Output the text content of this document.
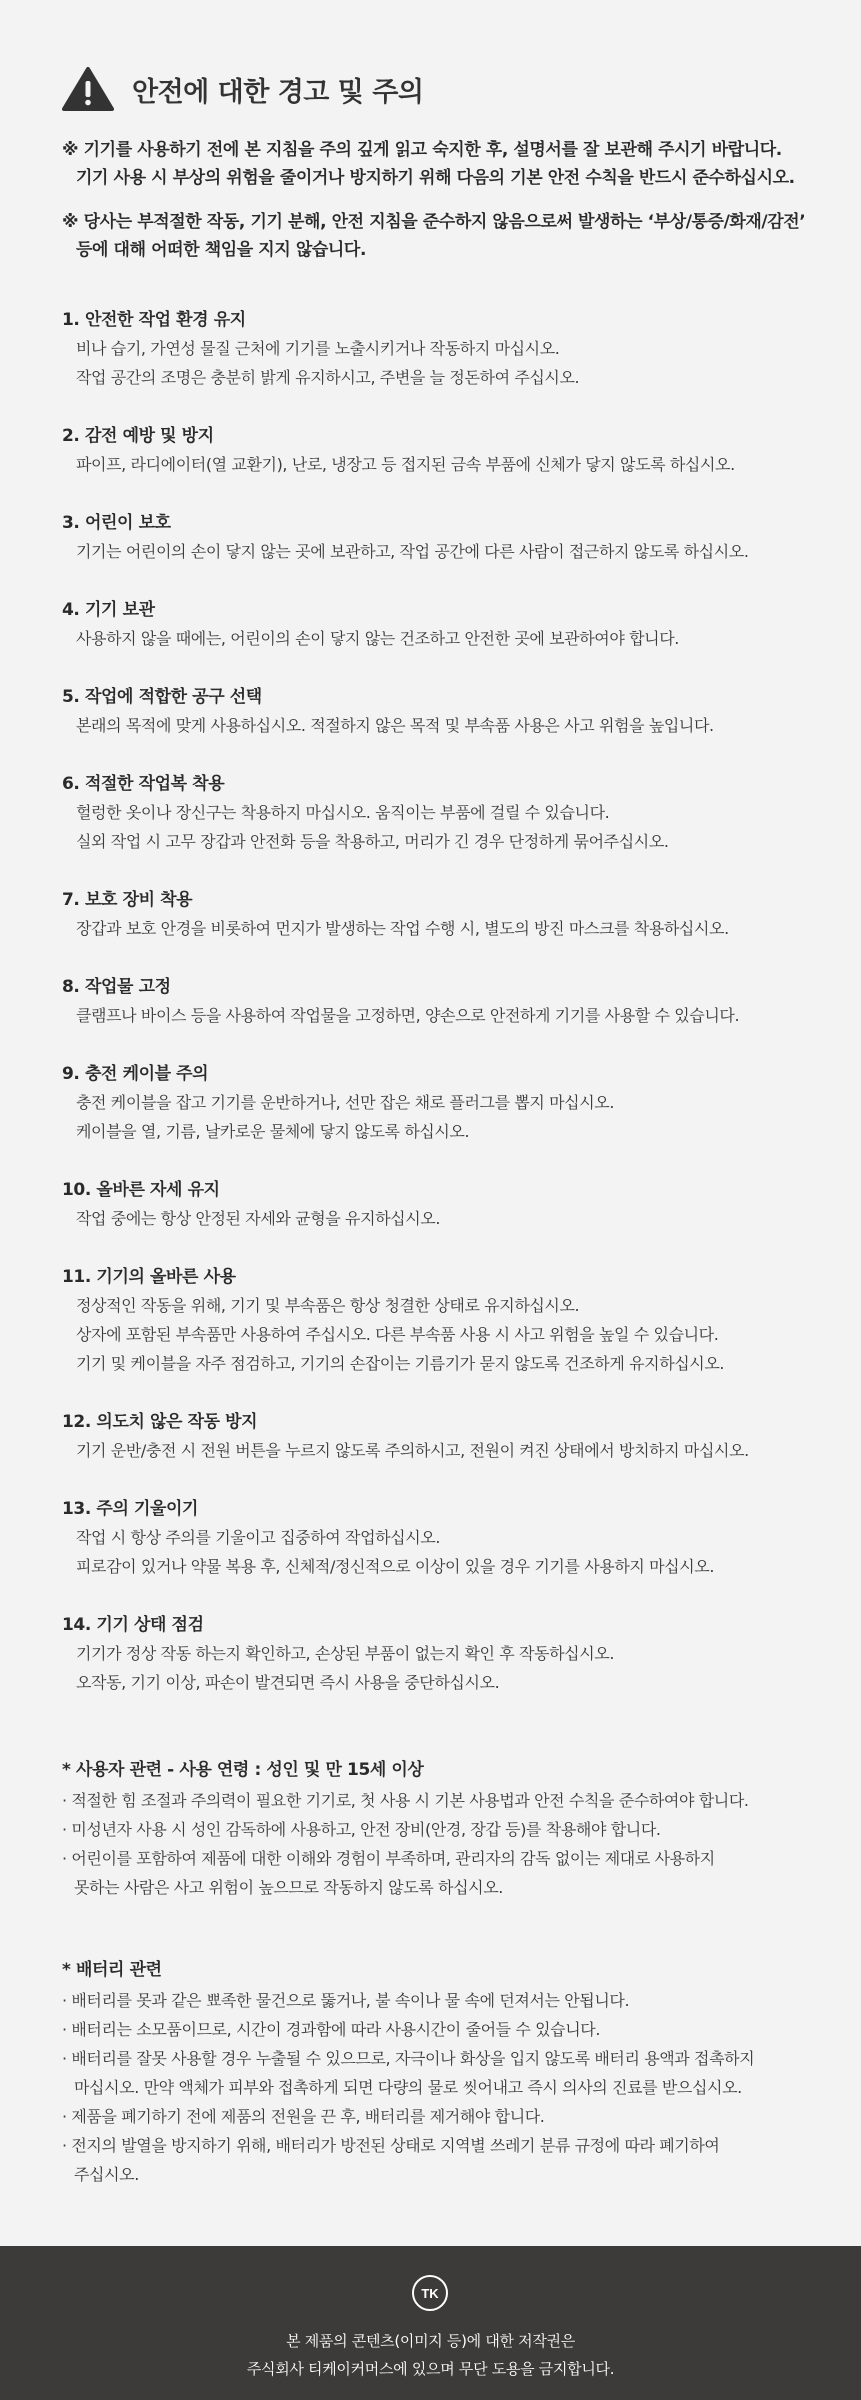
안전에 대한 경고 및 주의
※ 기기를 사용하기 전에 본 지침을 주의 깊게 읽고 숙지한 후, 설명서를 잘 보관해 주시기 바랍니다.
기기 사용 시 부상의 위험을 줄이거나 방지하기 위해 다음의 기본 안전 수칙을 반드시 준수하십시오.
※ 당사는 부적절한 작동, 기기 분해, 안전 지침을 준수하지 않음으로써 발생하는 ‘부상/통증/화재/감전’
등에 대해 어떠한 책임을 지지 않습니다.
1. 안전한 작업 환경 유지
비나 습기, 가연성 물질 근처에 기기를 노출시키거나 작동하지 마십시오.
작업 공간의 조명은 충분히 밝게 유지하시고, 주변을 늘 정돈하여 주십시오.
2. 감전 예방 및 방지
파이프, 라디에이터(열 교환기), 난로, 냉장고 등 접지된 금속 부품에 신체가 닿지 않도록 하십시오.
3. 어린이 보호
기기는 어린이의 손이 닿지 않는 곳에 보관하고, 작업 공간에 다른 사람이 접근하지 않도록 하십시오.
4. 기기 보관
사용하지 않을 때에는, 어린이의 손이 닿지 않는 건조하고 안전한 곳에 보관하여야 합니다.
5. 작업에 적합한 공구 선택
본래의 목적에 맞게 사용하십시오. 적절하지 않은 목적 및 부속품 사용은 사고 위험을 높입니다.
6. 적절한 작업복 착용
헐렁한 옷이나 장신구는 착용하지 마십시오. 움직이는 부품에 걸릴 수 있습니다.
실외 작업 시 고무 장갑과 안전화 등을 착용하고, 머리가 긴 경우 단정하게 묶어주십시오.
7. 보호 장비 착용
장갑과 보호 안경을 비롯하여 먼지가 발생하는 작업 수행 시, 별도의 방진 마스크를 착용하십시오.
8. 작업물 고정
클램프나 바이스 등을 사용하여 작업물을 고정하면, 양손으로 안전하게 기기를 사용할 수 있습니다.
9. 충전 케이블 주의
충전 케이블을 잡고 기기를 운반하거나, 선만 잡은 채로 플러그를 뽑지 마십시오.
케이블을 열, 기름, 날카로운 물체에 닿지 않도록 하십시오.
10. 올바른 자세 유지
작업 중에는 항상 안정된 자세와 균형을 유지하십시오.
11. 기기의 올바른 사용
정상적인 작동을 위해, 기기 및 부속품은 항상 청결한 상태로 유지하십시오.
상자에 포함된 부속품만 사용하여 주십시오. 다른 부속품 사용 시 사고 위험을 높일 수 있습니다.
기기 및 케이블을 자주 점검하고, 기기의 손잡이는 기름기가 묻지 않도록 건조하게 유지하십시오.
12. 의도치 않은 작동 방지
기기 운반/충전 시 전원 버튼을 누르지 않도록 주의하시고, 전원이 켜진 상태에서 방치하지 마십시오.
13. 주의 기울이기
작업 시 항상 주의를 기울이고 집중하여 작업하십시오.
피로감이 있거나 약물 복용 후, 신체적/정신적으로 이상이 있을 경우 기기를 사용하지 마십시오.
14. 기기 상태 점검
기기가 정상 작동 하는지 확인하고, 손상된 부품이 없는지 확인 후 작동하십시오.
오작동, 기기 이상, 파손이 발견되면 즉시 사용을 중단하십시오.
* 사용자 관련 - 사용 연령 : 성인 및 만 15세 이상
· 적절한 힘 조절과 주의력이 필요한 기기로, 첫 사용 시 기본 사용법과 안전 수칙을 준수하여야 합니다.
· 미성년자 사용 시 성인 감독하에 사용하고, 안전 장비(안경, 장갑 등)를 착용해야 합니다.
· 어린이를 포함하여 제품에 대한 이해와 경험이 부족하며, 관리자의 감독 없이는 제대로 사용하지
못하는 사람은 사고 위험이 높으므로 작동하지 않도록 하십시오.
* 배터리 관련
· 배터리를 못과 같은 뾰족한 물건으로 뚫거나, 불 속이나 물 속에 던져서는 안됩니다.
· 배터리는 소모품이므로, 시간이 경과함에 따라 사용시간이 줄어들 수 있습니다.
· 배터리를 잘못 사용할 경우 누출될 수 있으므로, 자극이나 화상을 입지 않도록 배터리 용액과 접촉하지
마십시오. 만약 액체가 피부와 접촉하게 되면 다량의 물로 씻어내고 즉시 의사의 진료를 받으십시오.
· 제품을 폐기하기 전에 제품의 전원을 끈 후, 배터리를 제거해야 합니다.
· 전지의 발열을 방지하기 위해, 배터리가 방전된 상태로 지역별 쓰레기 분류 규정에 따라 폐기하여
주십시오.
TK
본 제품의 콘텐츠(이미지 등)에 대한 저작권은
주식회사 티케이커머스에 있으며 무단 도용을 금지합니다.
